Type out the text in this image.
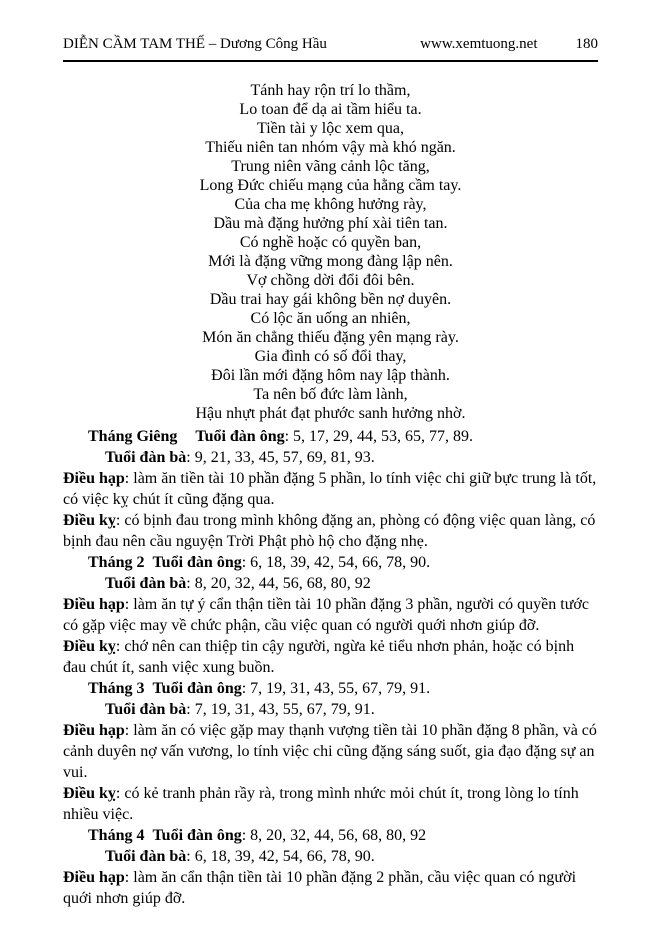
DIỄN CẦM TAM THẾ – Dương Công Hầu	www.xemtuong.net	180
Tánh hay rộn trí lo thầm,
Lo toan để dạ ai tầm hiểu ta.
Tiền tài y lộc xem qua,
Thiếu niên tan nhóm vậy mà khó ngăn.
Trung niên vãng cảnh lộc tăng,
Long Đức chiếu mạng của hằng cầm tay.
Của cha mẹ không hưởng rày,
Dầu mà đặng hưởng phí xài tiên tan.
Có nghề hoặc có quyền ban,
Mới là đặng vững mong đàng lập nên.
Vợ chồng dời đổi đôi bên.
Dầu trai hay gái không bền nợ duyên.
Có lộc ăn uống an nhiên,
Món ăn chẳng thiếu đặng yên mạng rày.
Gia đình có số đổi thay,
Đôi lần mới đặng hôm nay lập thành.
Ta nên bố đức làm lành,
Hậu nhựt phát đạt phước sanh hưởng nhờ.

Tháng Giêng Tuổi đàn ông: 5, 17, 29, 44, 53, 65, 77, 89.

Tuổi đàn bà: 9, 21, 33, 45, 57, 69, 81, 93.

Điều hạp: làm ăn tiền tài 10 phần đặng 5 phần, lo tính việc chi giữ bực trung là tốt, có việc kỵ chút ít cũng đặng qua.

Điều kỵ: có bịnh đau trong mình không đặng an, phòng có động việc quan làng, có bịnh đau nên cầu nguyện Trời Phật phò hộ cho đặng nhẹ.

Tháng 2 Tuổi đàn ông: 6, 18, 39, 42, 54, 66, 78, 90.

Tuổi đàn bà: 8, 20, 32, 44, 56, 68, 80, 92

Điều hạp: làm ăn tự ý cẩn thận tiền tài 10 phần đặng 3 phần, người có quyền tước có gặp việc may về chức phận, cầu việc quan có người quới nhơn giúp đỡ.

Điều kỵ: chớ nên can thiệp tin cậy người, ngừa kẻ tiểu nhơn phản, hoặc có bịnh đau chút ít, sanh việc xung buồn.

Tháng 3 Tuổi đàn ông: 7, 19, 31, 43, 55, 67, 79, 91.

Tuổi đàn bà: 7, 19, 31, 43, 55, 67, 79, 91.

Điều hạp: làm ăn có việc gặp may thạnh vượng tiền tài 10 phần đặng 8 phần, và có cảnh duyên nợ vấn vương, lo tính việc chi cũng đặng sáng suốt, gia đạo đặng sự an vui.

Điều kỵ: có kẻ tranh phản rầy rà, trong mình nhức mỏi chút ít, trong lòng lo tính nhiều việc.

Tháng 4 Tuổi đàn ông: 8, 20, 32, 44, 56, 68, 80, 92

Tuổi đàn bà: 6, 18, 39, 42, 54, 66, 78, 90.

Điều hạp: làm ăn cẩn thận tiền tài 10 phần đặng 2 phần, cầu việc quan có người quới nhơn giúp đỡ.
